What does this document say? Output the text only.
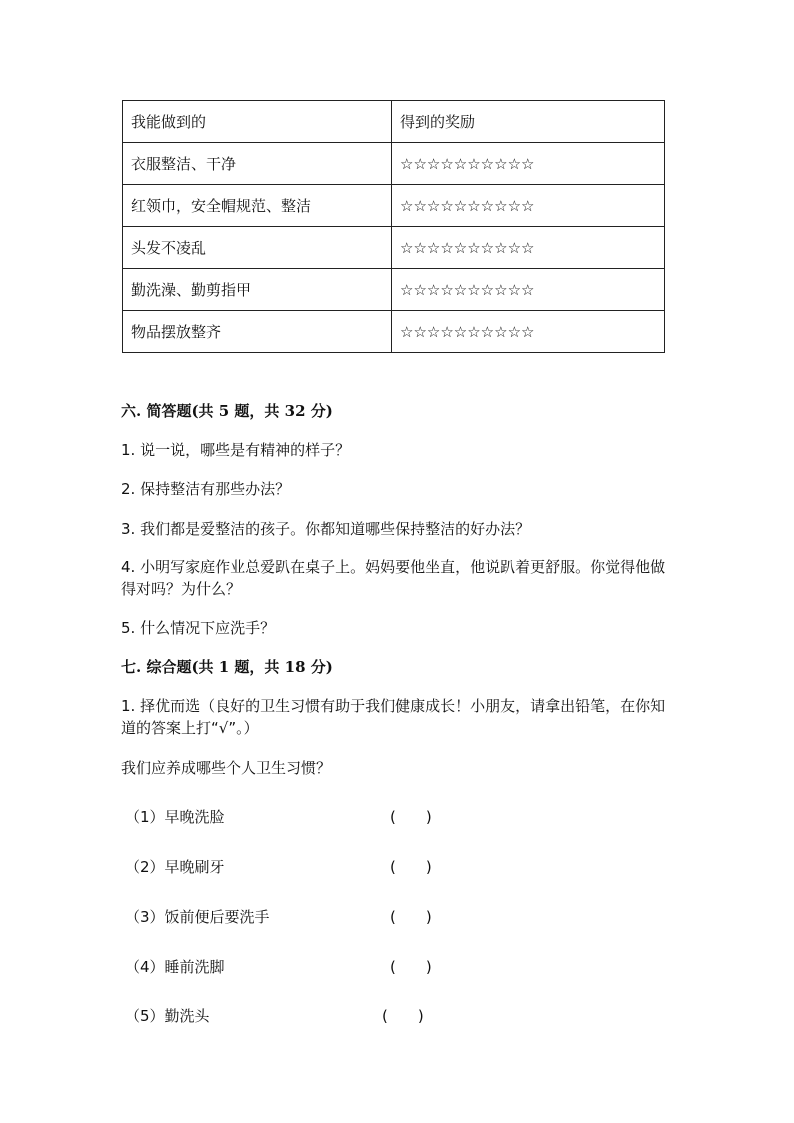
我能做到的	得到的奖励
衣服整洁、干净	☆☆☆☆☆☆☆☆☆☆
红领巾，安全帽规范、整洁	☆☆☆☆☆☆☆☆☆☆
头发不凌乱	☆☆☆☆☆☆☆☆☆☆
勤洗澡、勤剪指甲	☆☆☆☆☆☆☆☆☆☆
物品摆放整齐	☆☆☆☆☆☆☆☆☆☆
六. 简答题(共 5 题，共 32 分)
1. 说一说，哪些是有精神的样子？
2. 保持整洁有那些办法？
3. 我们都是爱整洁的孩子。你都知道哪些保持整洁的好办法？
4. 小明写家庭作业总爱趴在桌子上。妈妈要他坐直，他说趴着更舒服。你觉得他做得对吗？为什么？
5. 什么情况下应洗手？
七. 综合题(共 1 题，共 18 分)
1. 择优而选（良好的卫生习惯有助于我们健康成长！小朋友，请拿出铅笔，在你知道的答案上打“√”。）
我们应养成哪些个人卫生习惯？
（1）早晚洗脸	(　　)
（2）早晚刷牙	(　　)
（3）饭前便后要洗手	(　　)
（4）睡前洗脚	(　　)
（5）勤洗头	(　　)
